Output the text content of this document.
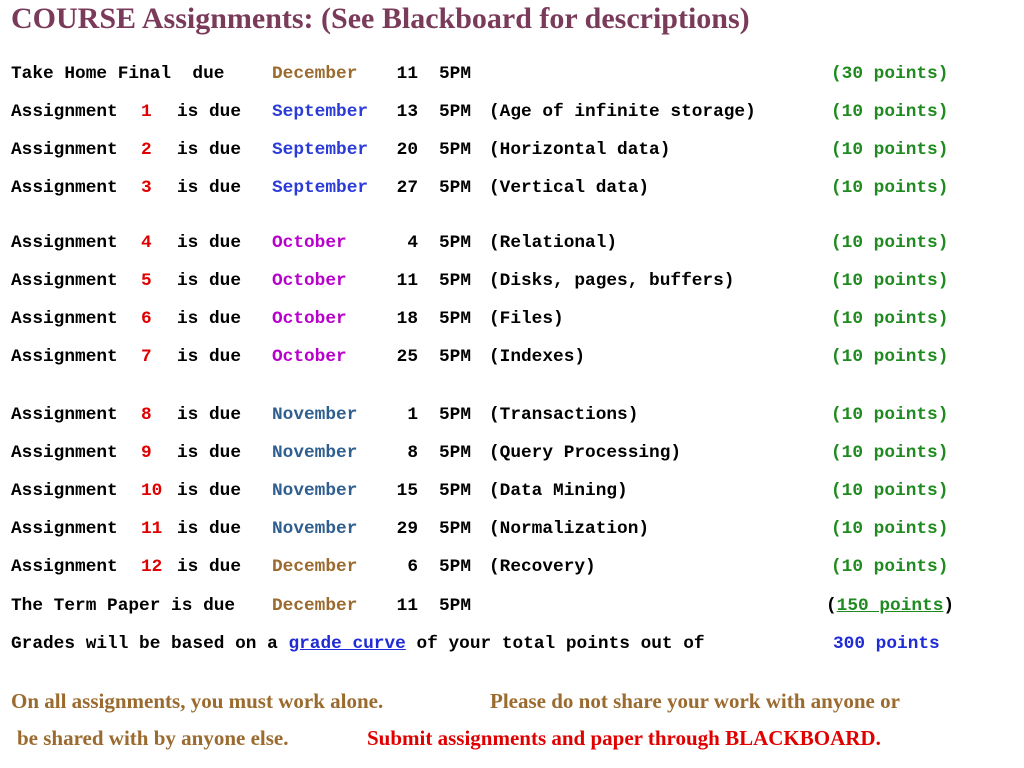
COURSE Assignments: (See Blackboard for descriptions)
Take Home Final  due	December	11 5PM	(30 points)
Assignment 1 is due September	13 5PM (Age of infinite storage)	(10 points)
Assignment 2 is due September	20 5PM (Horizontal data)	(10 points)
Assignment 3 is due September	27 5PM (Vertical data)	(10 points)
Assignment 4 is due October	4 5PM (Relational)	(10 points)
Assignment 5 is due October	11 5PM (Disks, pages, buffers)	(10 points)
Assignment 6 is due October	18 5PM (Files)	(10 points)
Assignment 7 is due October	25 5PM (Indexes)	(10 points)
Assignment 8 is due November	1 5PM (Transactions)	(10 points)
Assignment 9 is due November	8 5PM (Query Processing)	(10 points)
Assignment 10 is due November	15 5PM (Data Mining)	(10 points)
Assignment 11 is due November	29 5PM (Normalization)	(10 points)
Assignment 12 is due December	6 5PM (Recovery)	(10 points)
The Term Paper is due December	11 5PM	(150 points)
Grades will be based on a grade curve of your total points out of	300 points
On all assignments, you must work alone.	Please do not share your work with anyone or
be shared with by anyone else.	Submit assignments and paper through BLACKBOARD.
